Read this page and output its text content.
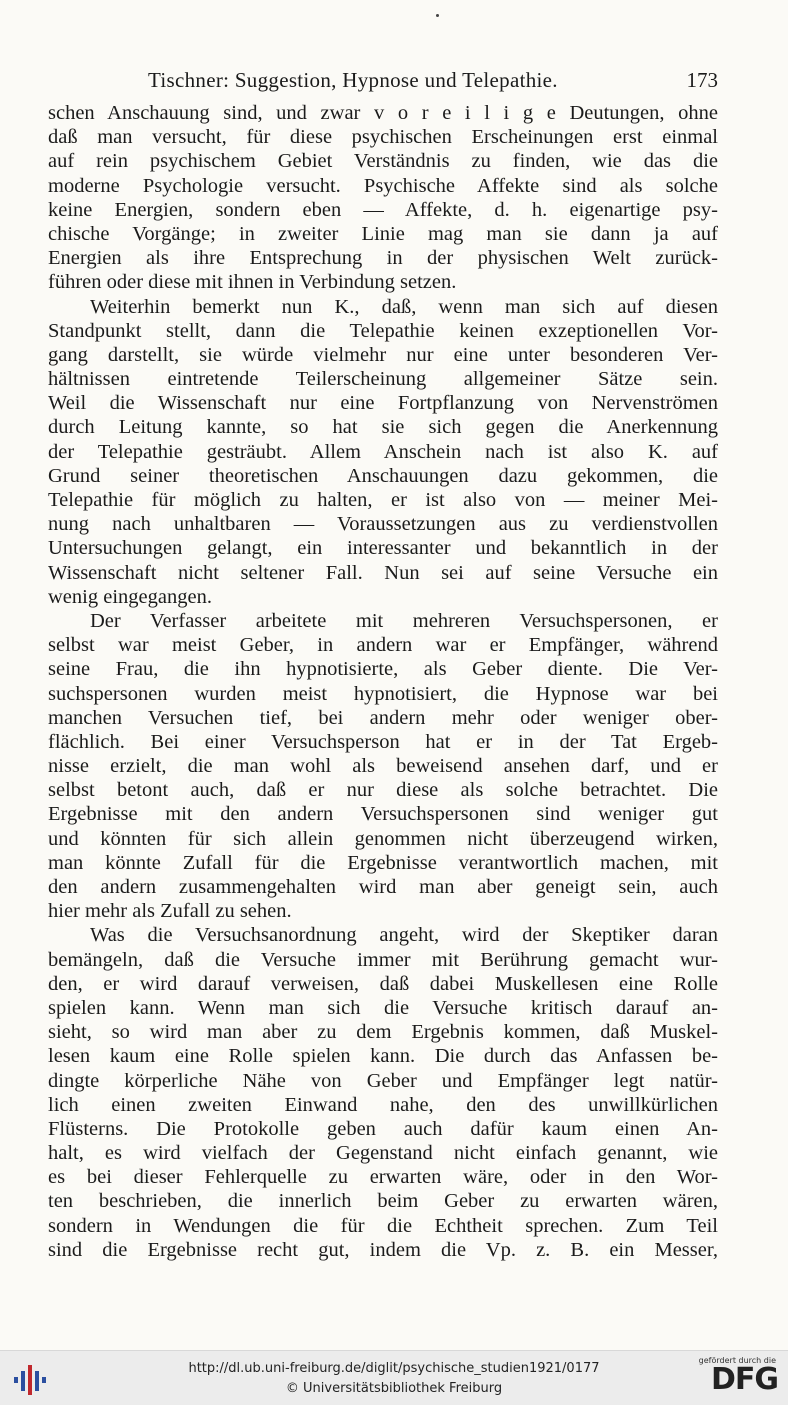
Tischner: Suggestion, Hypnose und Telepathie.	173
schen Anschauung sind, und zwar v o r e i l i g e Deutungen, ohne
daß man versucht, für diese psychischen Erscheinungen erst einmal
auf rein psychischem Gebiet Verständnis zu finden, wie das die
moderne Psychologie versucht. Psychische Affekte sind als solche
keine Energien, sondern eben — Affekte, d. h. eigenartige psy-
chische Vorgänge; in zweiter Linie mag man sie dann ja auf
Energien als ihre Entsprechung in der physischen Welt zurück-
führen oder diese mit ihnen in Verbindung setzen.
Weiterhin bemerkt nun K., daß, wenn man sich auf diesen
Standpunkt stellt, dann die Telepathie keinen exzeptionellen Vor-
gang darstellt, sie würde vielmehr nur eine unter besonderen Ver-
hältnissen eintretende Teilerscheinung allgemeiner Sätze sein.
Weil die Wissenschaft nur eine Fortpflanzung von Nervenströmen
durch Leitung kannte, so hat sie sich gegen die Anerkennung
der Telepathie gesträubt. Allem Anschein nach ist also K. auf
Grund seiner theoretischen Anschauungen dazu gekommen, die
Telepathie für möglich zu halten, er ist also von — meiner Mei-
nung nach unhaltbaren — Voraussetzungen aus zu verdienstvollen
Untersuchungen gelangt, ein interessanter und bekanntlich in der
Wissenschaft nicht seltener Fall. Nun sei auf seine Versuche ein
wenig eingegangen.
Der Verfasser arbeitete mit mehreren Versuchspersonen, er
selbst war meist Geber, in andern war er Empfänger, während
seine Frau, die ihn hypnotisierte, als Geber diente. Die Ver-
suchspersonen wurden meist hypnotisiert, die Hypnose war bei
manchen Versuchen tief, bei andern mehr oder weniger ober-
flächlich. Bei einer Versuchsperson hat er in der Tat Ergeb-
nisse erzielt, die man wohl als beweisend ansehen darf, und er
selbst betont auch, daß er nur diese als solche betrachtet. Die
Ergebnisse mit den andern Versuchspersonen sind weniger gut
und könnten für sich allein genommen nicht überzeugend wirken,
man könnte Zufall für die Ergebnisse verantwortlich machen, mit
den andern zusammengehalten wird man aber geneigt sein, auch
hier mehr als Zufall zu sehen.
Was die Versuchsanordnung angeht, wird der Skeptiker daran
bemängeln, daß die Versuche immer mit Berührung gemacht wur-
den, er wird darauf verweisen, daß dabei Muskellesen eine Rolle
spielen kann. Wenn man sich die Versuche kritisch darauf an-
sieht, so wird man aber zu dem Ergebnis kommen, daß Muskel-
lesen kaum eine Rolle spielen kann. Die durch das Anfassen be-
dingte körperliche Nähe von Geber und Empfänger legt natür-
lich einen zweiten Einwand nahe, den des unwillkürlichen
Flüsterns. Die Protokolle geben auch dafür kaum einen An-
halt, es wird vielfach der Gegenstand nicht einfach genannt, wie
es bei dieser Fehlerquelle zu erwarten wäre, oder in den Wor-
ten beschrieben, die innerlich beim Geber zu erwarten wären,
sondern in Wendungen die für die Echtheit sprechen. Zum Teil
sind die Ergebnisse recht gut, indem die Vp. z. B. ein Messer,
http://dl.ub.uni-freiburg.de/diglit/psychische_studien1921/0177
© Universitätsbibliothek Freiburg
gefördert durch die
DFG
